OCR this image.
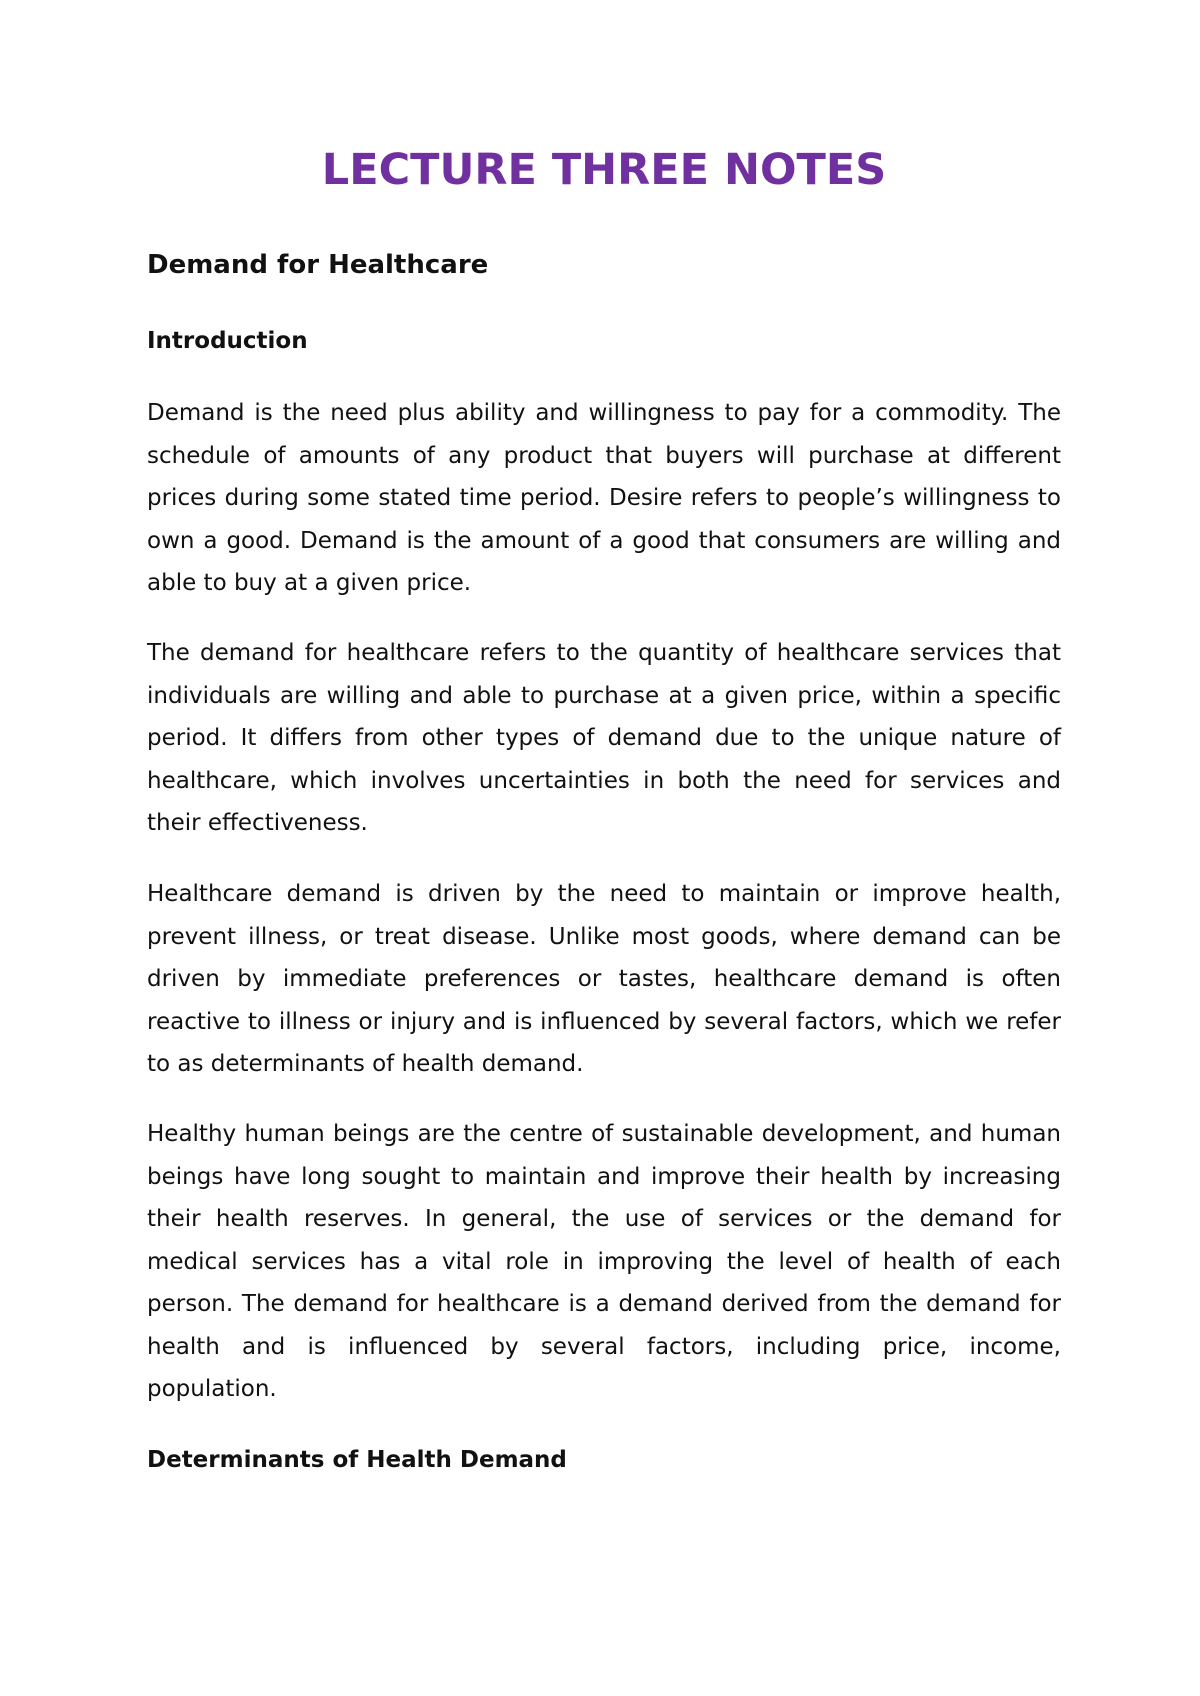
LECTURE THREE NOTES
Demand for Healthcare
Introduction

Demand is the need plus ability and willingness to pay for a commodity. The schedule of amounts of any product that buyers will purchase at different prices during some stated time period. Desire refers to people’s willingness to own a good. Demand is the amount of a good that consumers are willing and able to buy at a given price.

The demand for healthcare refers to the quantity of healthcare services that individuals are willing and able to purchase at a given price, within a specific period. It differs from other types of demand due to the unique nature of healthcare, which involves uncertainties in both the need for services and their effectiveness.

Healthcare demand is driven by the need to maintain or improve health, prevent illness, or treat disease. Unlike most goods, where demand can be driven by immediate preferences or tastes, healthcare demand is often reactive to illness or injury and is influenced by several factors, which we refer to as determinants of health demand.

Healthy human beings are the centre of sustainable development, and human beings have long sought to maintain and improve their health by increasing their health reserves. In general, the use of services or the demand for medical services has a vital role in improving the level of health of each person. The demand for healthcare is a demand derived from the demand for health and is influenced by several factors, including price, income, population.

Determinants of Health Demand
